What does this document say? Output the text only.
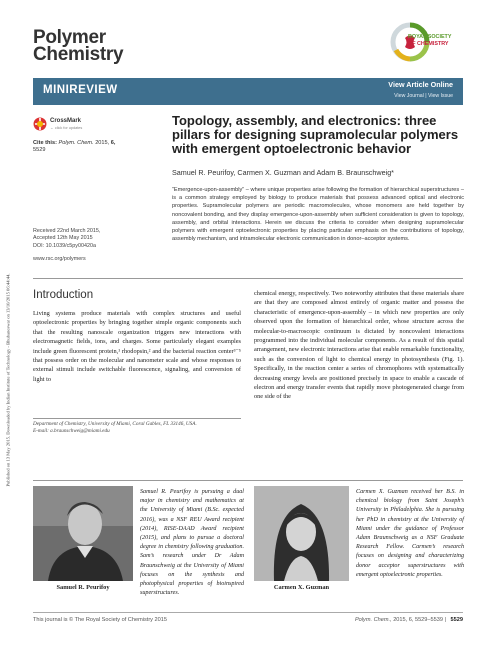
Published on 13 May 2015. Downloaded by Indian Institute of Technology - Bhubaneswar on 13/10/2015 06:44:44.
Polymer
Chemistry
ROYAL SOCIETY
OF CHEMISTRY
MINIREVIEW	View Article Online
View Journal | View Issue
CrossMark
← click for updates
Cite this: Polym. Chem. 2015, 6, 5529
Received 22nd March 2015,
Accepted 12th May 2015
DOI: 10.1039/c5py00420a
www.rsc.org/polymers
Topology, assembly, and electronics: three pillars for designing supramolecular polymers with emergent optoelectronic behavior
Samuel R. Peurifoy, Carmen X. Guzman and Adam B. Braunschweig*
“Emergence-upon-assembly” – where unique properties arise following the formation of hierarchical superstructures – is a common strategy employed by biology to produce materials that possess advanced optical and electronic properties. Supramolecular polymers are periodic macromolecules, whose monomers are held together by noncovalent bonding, and they display emergence-upon-assembly when sufficient consideration is given to topology, assembly, and orbital interactions. Herein we discuss the criteria to consider when designing supramolecular polymers with emergent optoelectronic properties by placing particular emphasis on the contributions of topology, assembly mechanism, and intramolecular electronic communication in donor–acceptor systems.
Introduction
Living systems produce materials with complex structures and useful optoelectronic properties by bringing together simple organic components such that the resulting nanoscale organization triggers new interactions with electromagnetic fields, ions, and charges. Some particularly elegant examples include green fluorescent protein,¹ rhodopsin,² and the bacterial reaction center³⁻⁵ that possess order on the molecular and nanometer scale and whose responses to external stimuli include switchable fluorescence, signaling, and conversion of light to
chemical energy, respectively. Two noteworthy attributes that these materials share are that they are composed almost entirely of organic matter and possess the characteristic of emergence-upon-assembly – in which new properties are only observed upon the formation of hierarchical order, whose structure across the molecular-to-macroscopic continuum is dictated by noncovalent interactions programmed into the individual molecular components. As a result of this spatial arrangement, new electronic interactions arise that enable remarkable functionality, such as the conversion of light to chemical energy in photosynthesis (Fig. 1). Specifically, in the reaction center a series of chromophores with systematically decreasing energy levels are positioned precisely in space to enable a cascade of electron and energy transfer events that rapidly move photogenerated charge from one side of the
Department of Chemistry, University of Miami, Coral Gables, FL 33146, USA.
E-mail: a.braunschweig@miami.edu
Samuel R. Peurifoy
Samuel R. Peurifoy is pursuing a dual major in chemistry and mathematics at the University of Miami (B.Sc. expected 2016), was a NSF REU Award recipient (2014), RISE-DAAD Award recipient (2015), and plans to pursue a doctoral degree in chemistry following graduation. Sam’s research under Dr Adam Braunschweig at the University of Miami focuses on the synthesis and photophysical properties of bioinspired superstructures.
Carmen X. Guzman
Carmen X. Guzman received her B.S. in chemical biology from Saint Joseph’s University in Philadelphia. She is pursuing her PhD in chemistry at the University of Miami under the guidance of Professor Adam Braunschweig as a NSF Graduate Research Fellow. Carmen’s research focuses on designing and characterizing donor acceptor superstructures with emergent optoelectronic properties.
This journal is © The Royal Society of Chemistry 2015	Polym. Chem., 2015, 6, 5529–5539 | 5529
